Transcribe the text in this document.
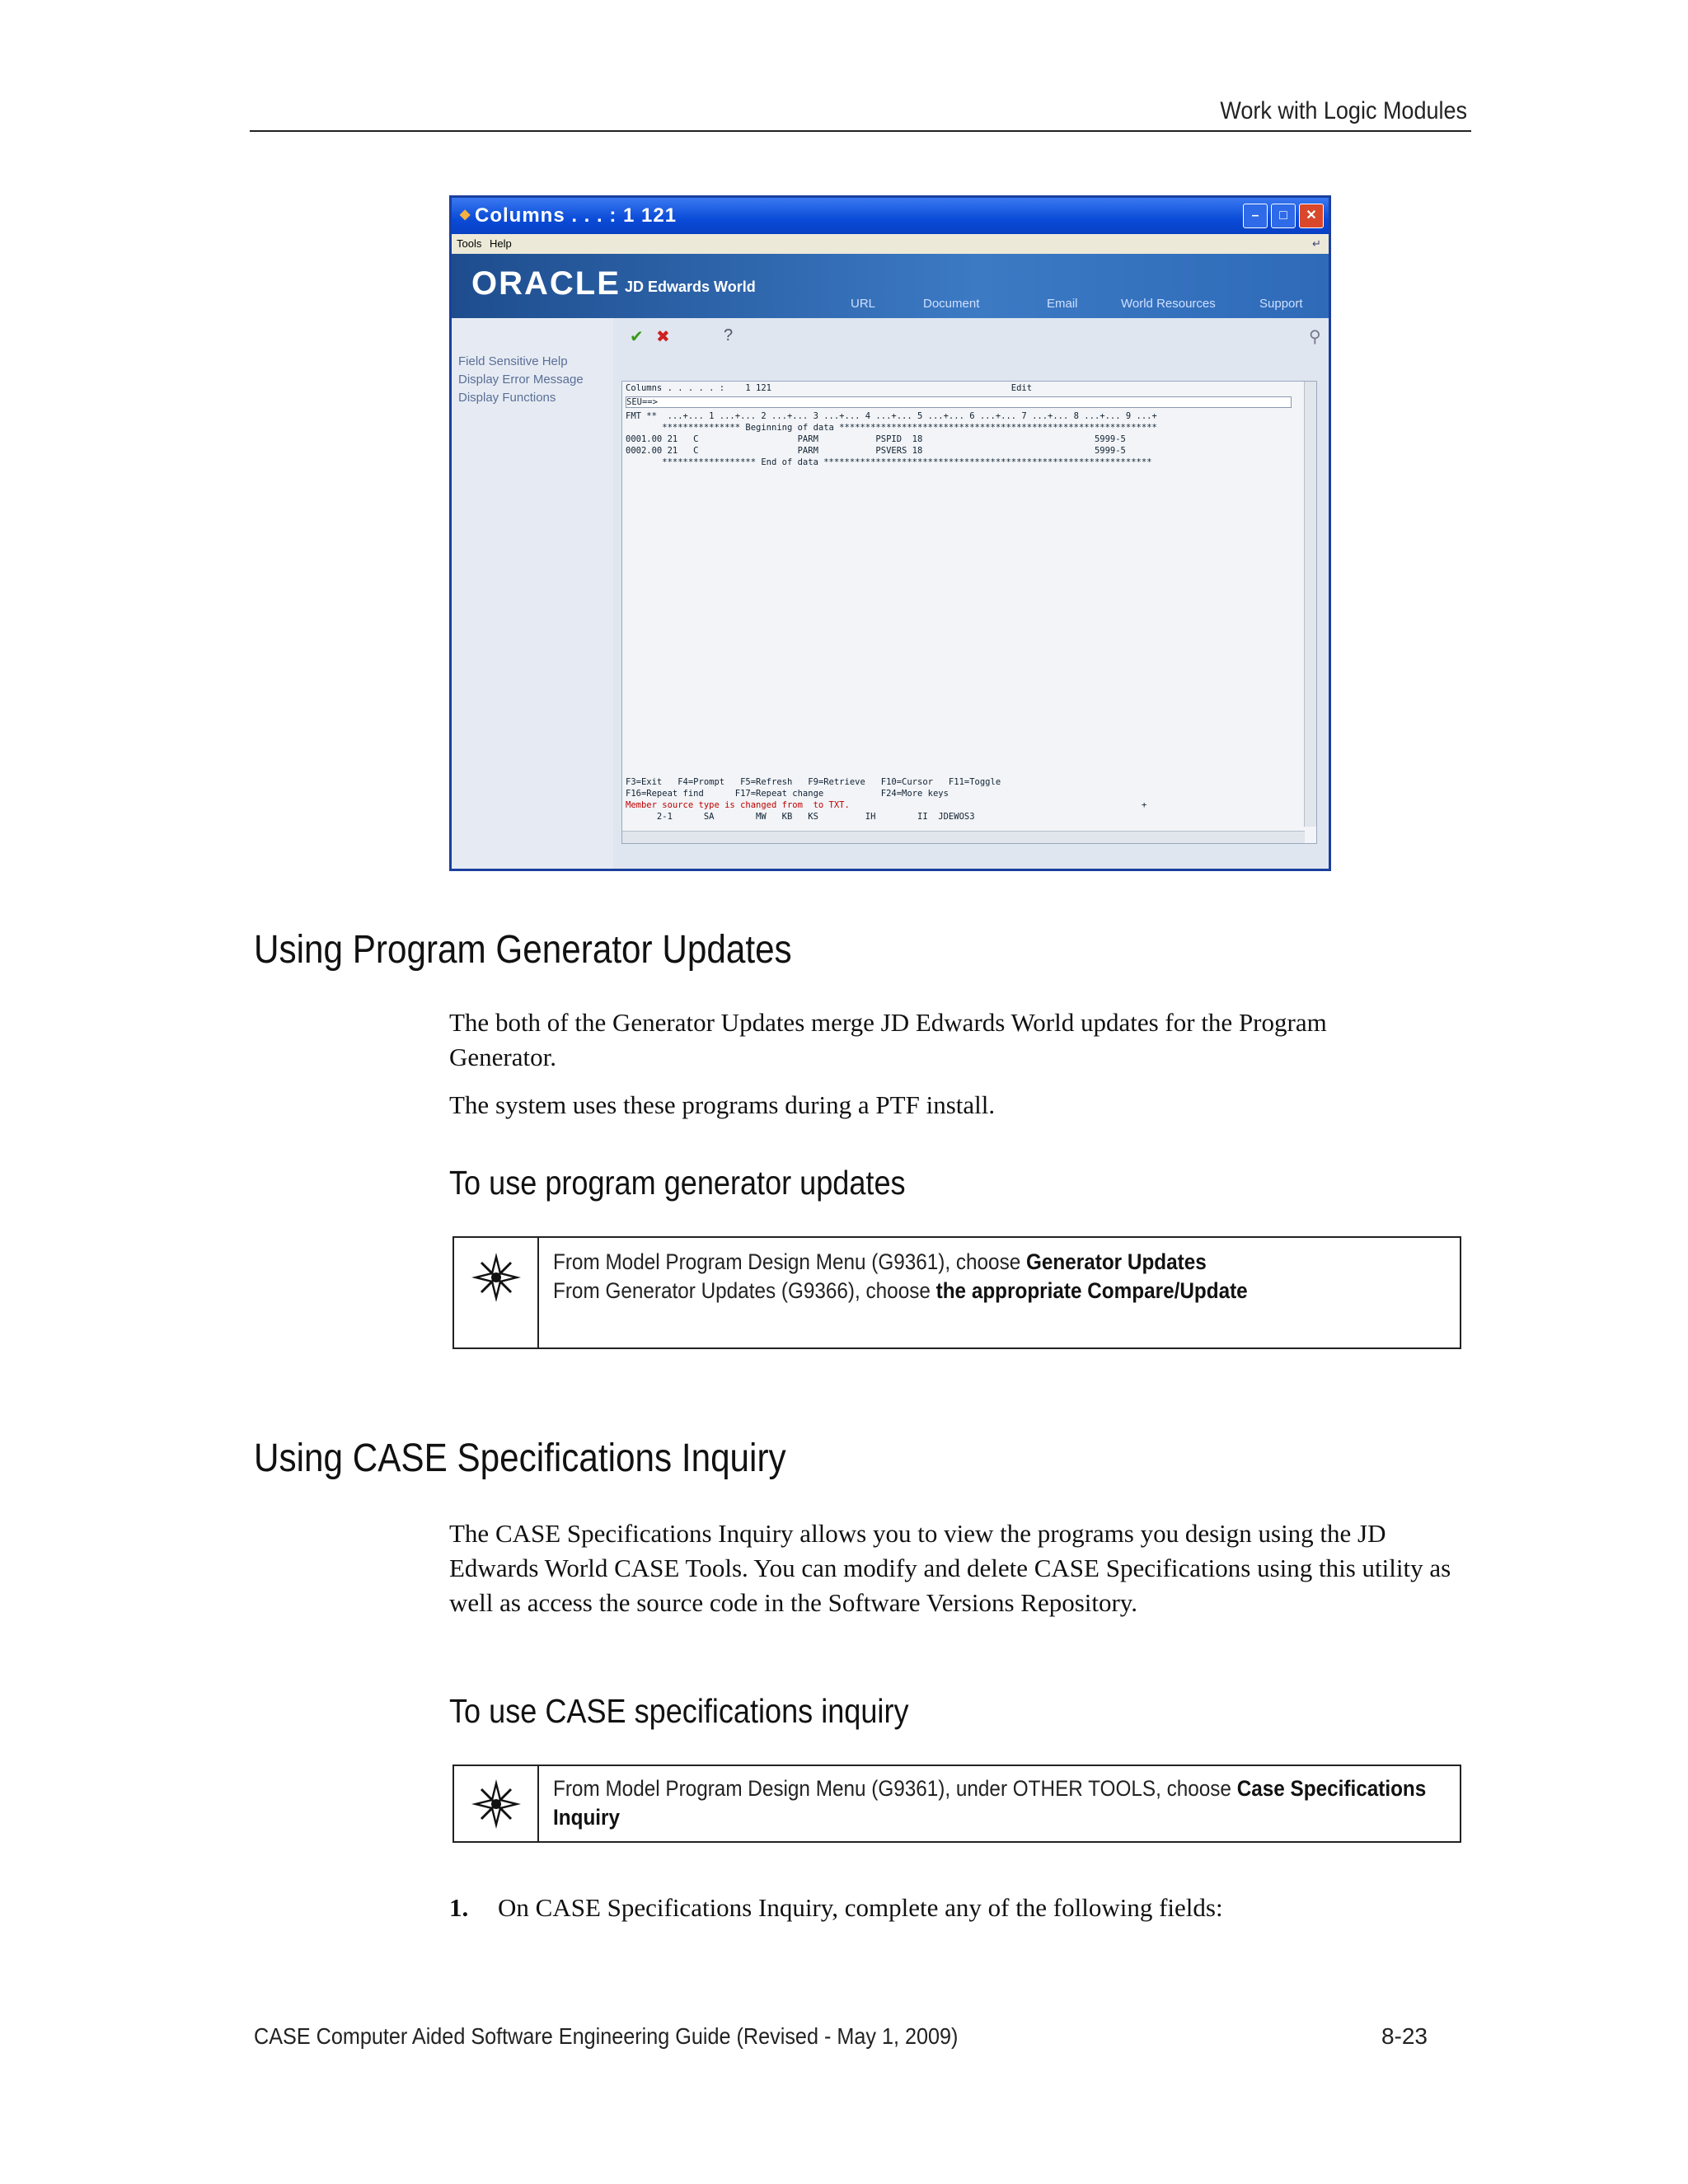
Work with Logic Modules
◆ Columns . . . : 1 121	–	□	✕
Tools Help	↵
ORACLE JD Edwards World
URL	Document	Email	World Resources	Support
Field Sensitive Help
Display Error Message
Display Functions
✔ ✖	?	⚲
Columns . . . . . :    1 121                                              Edit
SEU==>
FMT **  ...+... 1 ...+... 2 ...+... 3 ...+... 4 ...+... 5 ...+... 6 ...+... 7 ...+... 8 ...+... 9 ...+
*************** Beginning of data *************************************************************
0001.00 21   C                   PARM           PSPID  18                                 5999-5
0002.00 21   C                   PARM           PSVERS 18                                 5999-5
****************** End of data ***************************************************************
F3=Exit   F4=Prompt   F5=Refresh   F9=Retrieve   F10=Cursor   F11=Toggle
F16=Repeat find      F17=Repeat change           F24=More keys
Member source type is changed from  to TXT.	+
2-1      SA        MW   KB   KS         IH        II  JDEWOS3
Using Program Generator Updates
The both of the Generator Updates merge JD Edwards World updates for the Program Generator.
The system uses these programs during a PTF install.
To use program generator updates
From Model Program Design Menu (G9361), choose Generator Updates
From Generator Updates (G9366), choose the appropriate Compare/Update
Using CASE Specifications Inquiry
The CASE Specifications Inquiry allows you to view the programs you design using the JD Edwards World CASE Tools. You can modify and delete CASE Specifications using this utility as well as access the source code in the Software Versions Repository.
To use CASE specifications inquiry
From Model Program Design Menu (G9361), under OTHER TOOLS, choose Case Specifications
Inquiry
1. On CASE Specifications Inquiry, complete any of the following fields:
CASE Computer Aided Software Engineering Guide (Revised - May 1, 2009)	8-23
